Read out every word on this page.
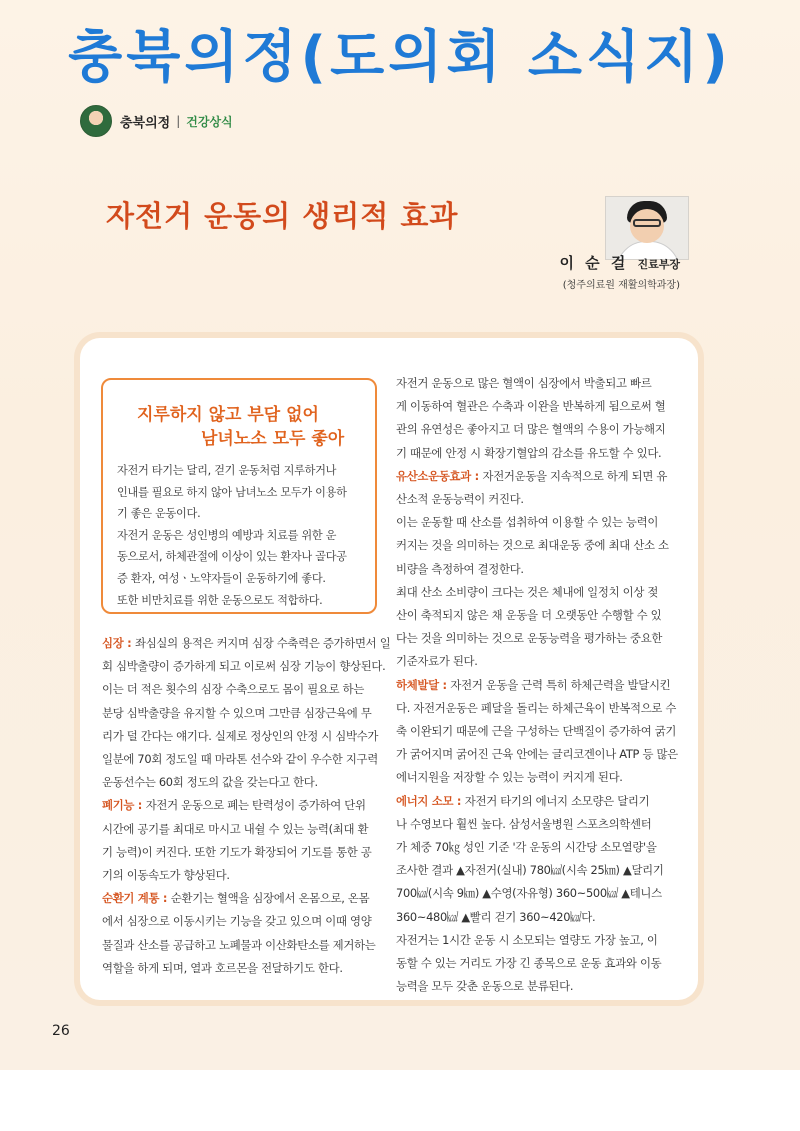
충북의정(도의회 소식지)
충북의정 | 건강상식
자전거 운동의 생리적 효과
이 순 걸 진료부장
(청주의료원 재활의학과장)
지루하지 않고 부담 없어
남녀노소 모두 좋아

자전거 타기는 달리, 걷기 운동처럼 지루하거나

인내를 필요로 하지 않아 남녀노소 모두가 이용하

기 좋은 운동이다.

자전거 운동은 성인병의 예방과 치료를 위한 운

동으로서, 하체관절에 이상이 있는 환자나 골다공

증 환자, 여성ㆍ노약자들이 운동하기에 좋다.

또한 비만치료를 위한 운동으로도 적합하다.

심장 : 좌심실의 용적은 커지며 심장 수축력은 증가하면서 일

회 심박출량이 증가하게 되고 이로써 심장 기능이 향상된다.

이는 더 적은 횟수의 심장 수축으로도 몸이 필요로 하는

분당 심박출량을 유지할 수 있으며 그만큼 심장근육에 무

리가 덜 간다는 얘기다. 실제로 정상인의 안정 시 심박수가

일분에 70회 정도일 때 마라톤 선수와 같이 우수한 지구력

운동선수는 60회 정도의 값을 갖는다고 한다.

폐기능 : 자전거 운동으로 폐는 탄력성이 증가하여 단위

시간에 공기를 최대로 마시고 내쉴 수 있는 능력(최대 환

기 능력)이 커진다. 또한 기도가 확장되어 기도를 통한 공

기의 이동속도가 향상된다.

순환기 계통 : 순환기는 혈액을 심장에서 온몸으로, 온몸

에서 심장으로 이동시키는 기능을 갖고 있으며 이때 영양

물질과 산소를 공급하고 노폐물과 이산화탄소를 제거하는

역할을 하게 되며, 열과 호르몬을 전달하기도 한다.

자전거 운동으로 많은 혈액이 심장에서 박출되고 빠르

게 이동하여 혈관은 수축과 이완을 반복하게 됨으로써 혈

관의 유연성은 좋아지고 더 많은 혈액의 수용이 가능해지

기 때문에 안정 시 확장기혈압의 감소를 유도할 수 있다.

유산소운동효과 : 자전거운동을 지속적으로 하게 되면 유

산소적 운동능력이 커진다.

이는 운동할 때 산소를 섭취하여 이용할 수 있는 능력이

커지는 것을 의미하는 것으로 최대운동 중에 최대 산소 소

비량을 측정하여 결정한다.

최대 산소 소비량이 크다는 것은 체내에 일정치 이상 젖

산이 축적되지 않은 채 운동을 더 오랫동안 수행할 수 있

다는 것을 의미하는 것으로 운동능력을 평가하는 중요한

기준자료가 된다.

하체발달 : 자전거 운동을 근력 특히 하체근력을 발달시킨

다. 자전거운동은 페달을 돌리는 하체근육이 반복적으로 수

축 이완되기 때문에 근을 구성하는 단백질이 증가하여 굵기

가 굵어지며 굵어진 근육 안에는 글리코겐이나 ATP 등 많은

에너지원을 저장할 수 있는 능력이 커지게 된다.

에너지 소모 : 자전거 타기의 에너지 소모량은 달리기

나 수영보다 훨씬 높다. 삼성서울병원 스포츠의학센터

가 체중 70㎏ 성인 기준 '각 운동의 시간당 소모열량'을

조사한 결과 ▲자전거(실내) 780㎉(시속 25㎞) ▲달리기

700㎉(시속 9㎞) ▲수영(자유형) 360~500㎉ ▲테니스

360~480㎉ ▲빨리 걷기 360~420㎉다.

자전거는 1시간 운동 시 소모되는 열량도 가장 높고, 이

동할 수 있는 거리도 가장 긴 종목으로 운동 효과와 이동

능력을 모두 갖춘 운동으로 분류된다.

26
